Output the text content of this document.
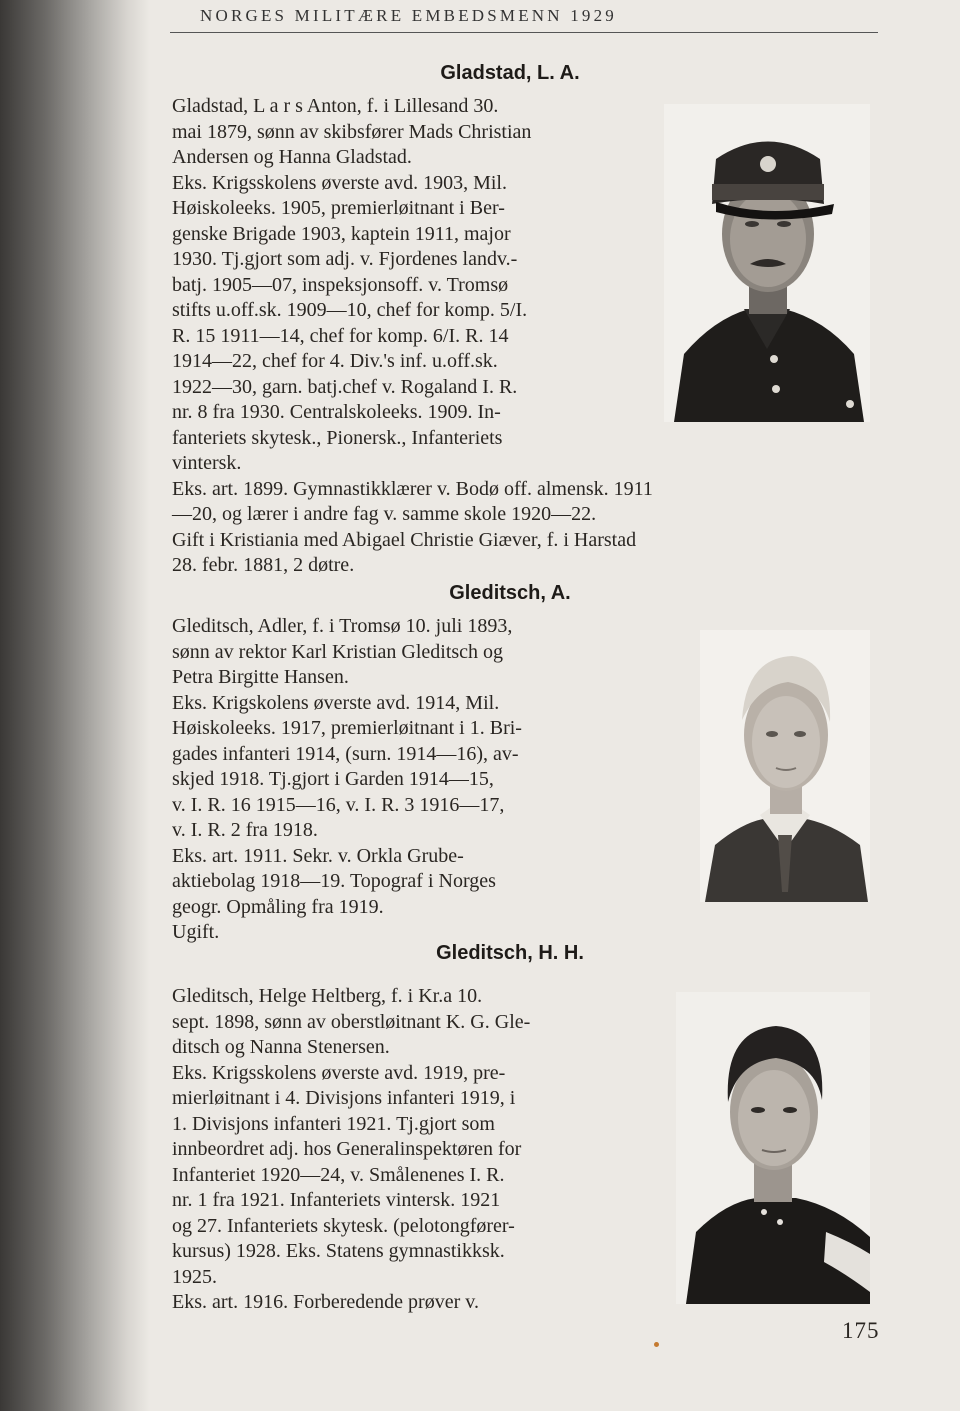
NORGES MILITÆRE EMBEDSMENN 1929
Gladstad, L. A.
Gladstad, L a r s Anton, f. i Lillesand 30.
mai 1879, sønn av skibsfører Mads Christian
Andersen og Hanna Gladstad.
Eks. Krigsskolens øverste avd. 1903, Mil.
Høiskoleeks. 1905, premierløitnant i Ber-
genske Brigade 1903, kaptein 1911, major
1930. Tj.gjort som adj. v. Fjordenes landv.-
batj. 1905—07, inspeksjonsoff. v. Tromsø
stifts u.off.sk. 1909—10, chef for komp. 5/I.
R. 15 1911—14, chef for komp. 6/I. R. 14
1914—22, chef for 4. Div.'s inf. u.off.sk.
1922—30, garn. batj.chef v. Rogaland I. R.
nr. 8 fra 1930. Centralskoleeks. 1909. In-
fanteriets skytesk., Pionersk., Infanteriets
vintersk.
Eks. art. 1899. Gymnastikklærer v. Bodø off. almensk. 1911
—20, og lærer i andre fag v. samme skole 1920—22.
Gift i Kristiania med Abigael Christie Giæver, f. i Harstad
28. febr. 1881, 2 døtre.
Gleditsch, A.
Gleditsch, Adler, f. i Tromsø 10. juli 1893,
sønn av rektor Karl Kristian Gleditsch og
Petra Birgitte Hansen.
Eks. Krigskolens øverste avd. 1914, Mil.
Høiskoleeks. 1917, premierløitnant i 1. Bri-
gades infanteri 1914, (surn. 1914—16), av-
skjed 1918. Tj.gjort i Garden 1914—15,
v. I. R. 16 1915—16, v. I. R. 3 1916—17,
v. I. R. 2 fra 1918.
Eks. art. 1911. Sekr. v. Orkla Grube-
aktiebolag 1918—19. Topograf i Norges
geogr. Opmåling fra 1919.
Ugift.
Gleditsch, H. H.
Gleditsch, Helge Heltberg, f. i Kr.a 10.
sept. 1898, sønn av oberstløitnant K. G. Gle-
ditsch og Nanna Stenersen.
Eks. Krigsskolens øverste avd. 1919, pre-
mierløitnant i 4. Divisjons infanteri 1919, i
1. Divisjons infanteri 1921. Tj.gjort som
innbeordret adj. hos Generalinspektøren for
Infanteriet 1920—24, v. Smålenenes I. R.
nr. 1 fra 1921. Infanteriets vintersk. 1921
og 27. Infanteriets skytesk. (pelotongfører-
kursus) 1928. Eks. Statens gymnastikksk.
1925.
Eks. art. 1916. Forberedende prøver v.
175
